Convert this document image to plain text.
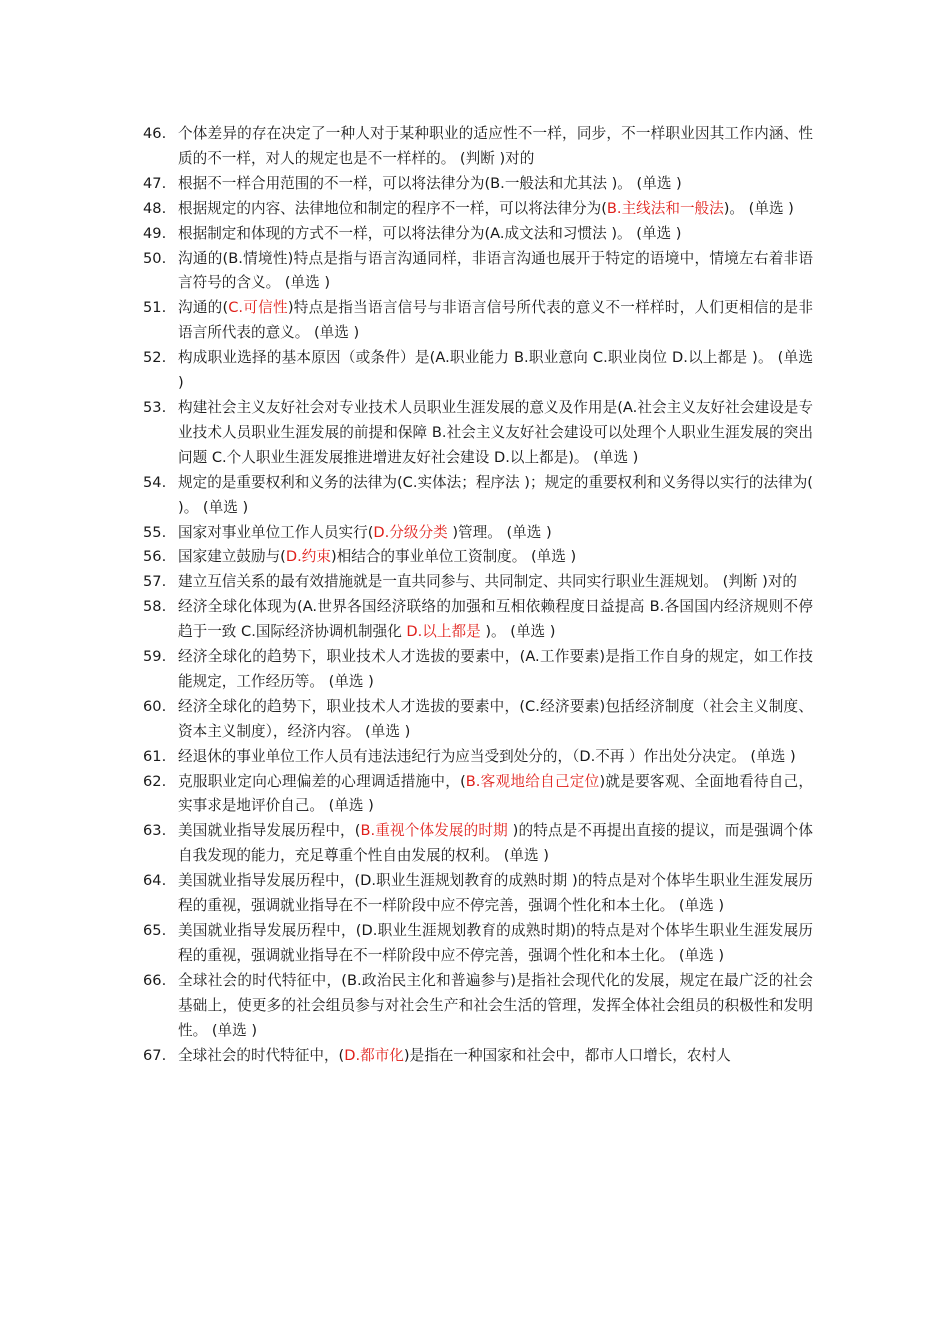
46. 个体差异的存在决定了一种人对于某种职业的适应性不一样，同步，不一样职业因其工作内涵、性质的不一样，对人的规定也是不一样样的。 (判断 )对的
47. 根据不一样合用范围的不一样，可以将法律分为(B.一般法和尤其法 )。 (单选 )
48. 根据规定的内容、法律地位和制定的程序不一样，可以将法律分为(B.主线法和一般法)。 (单选 )
49. 根据制定和体现的方式不一样，可以将法律分为(A.成文法和习惯法 )。 (单选 )
50. 沟通的(B.情境性)特点是指与语言沟通同样，非语言沟通也展开于特定的语境中，情境左右着非语言符号的含义。 (单选 )
51. 沟通的(C.可信性)特点是指当语言信号与非语言信号所代表的意义不一样样时，人们更相信的是非语言所代表的意义。 (单选 )
52. 构成职业选择的基本原因（或条件）是(A.职业能力 B.职业意向 C.职业岗位 D.以上都是 )。 (单选 )
53. 构建社会主义友好社会对专业技术人员职业生涯发展的意义及作用是(A.社会主义友好社会建设是专业技术人员职业生涯发展的前提和保障 B.社会主义友好社会建设可以处理个人职业生涯发展的突出问题 C.个人职业生涯发展推进增进友好社会建设 D.以上都是)。 (单选 )
54. 规定的是重要权利和义务的法律为(C.实体法；程序法 )；规定的重要权利和义务得以实行的法律为( )。 (单选 )
55. 国家对事业单位工作人员实行(D.分级分类 )管理。 (单选 )
56. 国家建立鼓励与(D.约束)相结合的事业单位工资制度。 (单选 )
57. 建立互信关系的最有效措施就是一直共同参与、共同制定、共同实行职业生涯规划。 (判断 )对的
58. 经济全球化体现为(A.世界各国经济联络的加强和互相依赖程度日益提高 B.各国国内经济规则不停趋于一致 C.国际经济协调机制强化 D.以上都是 )。 (单选 )
59. 经济全球化的趋势下，职业技术人才选拔的要素中，(A.工作要素)是指工作自身的规定，如工作技能规定，工作经历等。 (单选 )
60. 经济全球化的趋势下，职业技术人才选拔的要素中，(C.经济要素)包括经济制度（社会主义制度、资本主义制度），经济内容。 (单选 )
61. 经退休的事业单位工作人员有违法违纪行为应当受到处分的，（D.不再 ）作出处分决定。 (单选 )
62. 克服职业定向心理偏差的心理调适措施中，(B.客观地给自己定位)就是要客观、全面地看待自己，实事求是地评价自己。 (单选 )
63. 美国就业指导发展历程中，(B.重视个体发展的时期 )的特点是不再提出直接的提议，而是强调个体自我发现的能力，充足尊重个性自由发展的权利。 (单选 )
64. 美国就业指导发展历程中，(D.职业生涯规划教育的成熟时期 )的特点是对个体毕生职业生涯发展历程的重视，强调就业指导在不一样阶段中应不停完善，强调个性化和本土化。 (单选 )
65. 美国就业指导发展历程中，(D.职业生涯规划教育的成熟时期)的特点是对个体毕生职业生涯发展历程的重视，强调就业指导在不一样阶段中应不停完善，强调个性化和本土化。 (单选 )
66. 全球社会的时代特征中，(B.政治民主化和普遍参与)是指社会现代化的发展，规定在最广泛的社会基础上，使更多的社会组员参与对社会生产和社会生活的管理，发挥全体社会组员的积极性和发明性。 (单选 )
67. 全球社会的时代特征中，(D.都市化)是指在一种国家和社会中，都市人口增长，农村人
